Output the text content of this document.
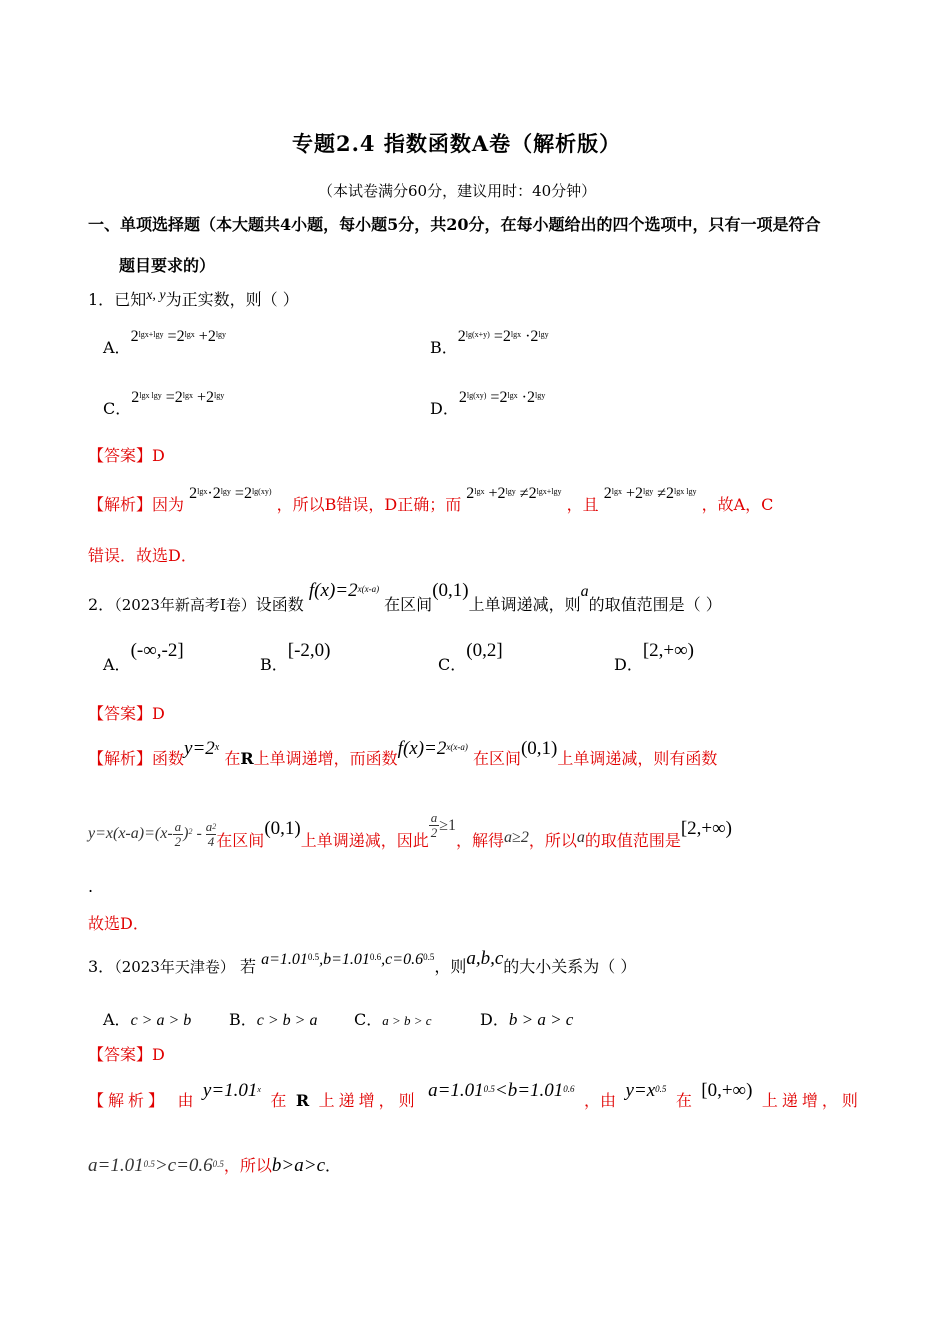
专题2.4 指数函数A卷（解析版）
（本试卷满分60分，建议用时：40分钟）
一、单项选择题（本大题共4小题，每小题5分，共20分，在每小题给出的四个选项中，只有一项是符合
题目要求的）
1．已知x, y为正实数，则（ ）
A．$2^{lgx+lgy} =2^{lgx} +2^{lgy}$
B．$2^{lg(x+y)} =2^{lgx} \cdot 2^{lgy}$
C．$2^{lgx lgy} =2^{lgx} +2^{lgy}$
D．$2^{lg(xy)} =2^{lgx} \cdot 2^{lgy}$
【答案】D
【解析】因为 $2^{lgx}\cdot 2^{lgy} =2^{lg(xy)}$ ，所以B错误，D正确；而 $2^{lgx} +2^{lgy} \ne 2^{lgx+lgy}$ ，且 $2^{lgx} +2^{lgy} \ne 2^{lgx lgy}$ ，故A，C
错误．故选D．
2．（2023年新高考Ⅰ卷）设函数 $f(x)=2^{x(x-a)}$ 在区间(0,1)上单调递减，则a的取值范围是（ ）
A．(-∞,-2]
B．[-2,0)
C．(0,2]
D．[2,+∞)
【答案】D
【解析】函数$y=2^x$ 在R上单调递增，而函数$f(x)=2^{x(x-a)}$ 在区间(0,1)上单调递减，则有函数
$y=x(x-a)=(x- \frac{a}{2} )^2 - \frac{a^2}{4}$ 在区间(0,1)上单调递减，因此
$\frac{a}{2} \ge 1$，解得a≥2，所以a的取值范围是[2,+∞)
.
故选D．
3．（2023年天津卷） 若 $a=1.01^{0.5},b=1.01^{0.6},c=0.6^{0.5}$，则a,b,c的大小关系为（ ）
A．c > a > b B．c > b > a C．a > b > c	D．b > a > c
【答案】D
【解析】 由 $y=1.01^x$
在 R 上递增，则 $a=1.01^{0.5}<b=1.01^{0.6}$
，由 $y=x^{0.5}$
在 [0,+∞) 上递增，则
$a=1.01^{0.5}>c=0.6^{0.5}$，所以b>a>c．
